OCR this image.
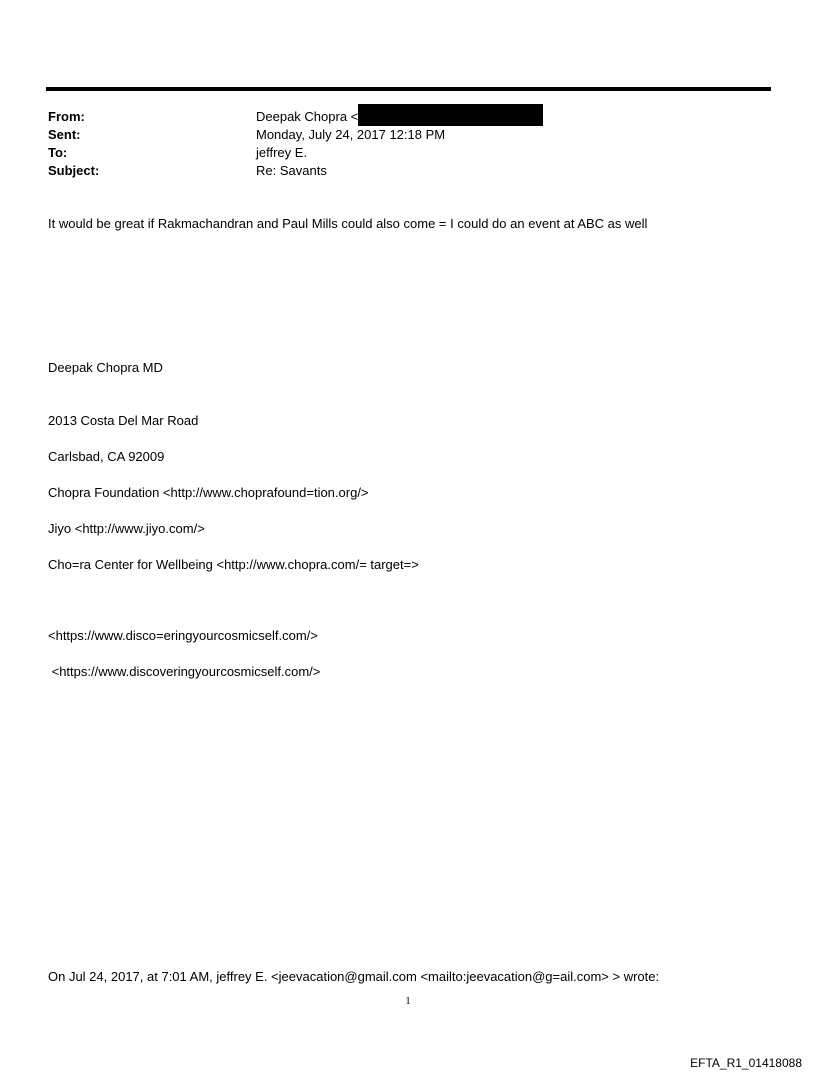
From:	Deepak Chopra <
Sent:	Monday, July 24, 2017 12:18 PM
To:	jeffrey E.
Subject:	Re: Savants
It would be great if Rakmachandran and Paul Mills could also come = I could do an event at ABC as well
Deepak Chopra MD
2013 Costa Del Mar Road
Carlsbad, CA 92009
Chopra Foundation <http://www.choprafound=tion.org/>
Jiyo <http://www.jiyo.com/>
Cho=ra Center for Wellbeing <http://www.chopra.com/= target=>
<https://www.disco=eringyourcosmicself.com/>
<https://www.discoveringyourcosmicself.com/>
On Jul 24, 2017, at 7:01 AM, jeffrey E. <jeevacation@gmail.com <mailto:jeevacation@g=ail.com> > wrote:
1
EFTA_R1_01418088
